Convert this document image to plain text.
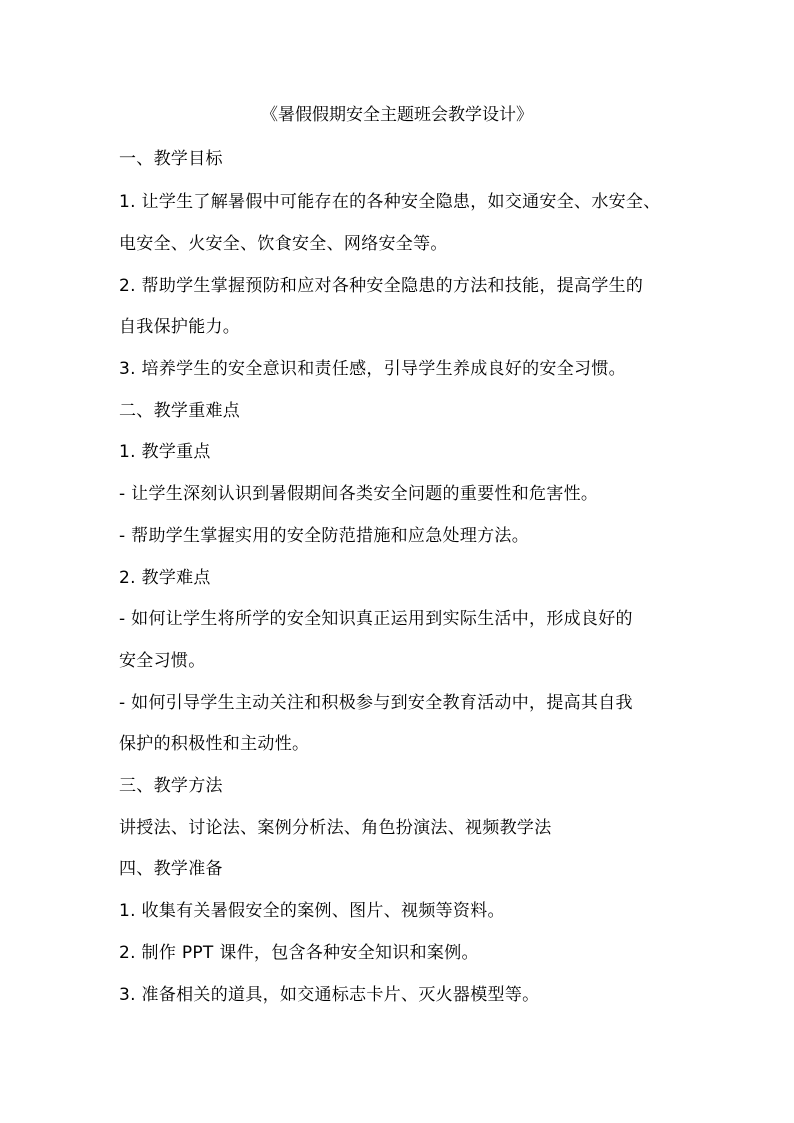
《暑假假期安全主题班会教学设计》
一、教学目标
1. 让学生了解暑假中可能存在的各种安全隐患，如交通安全、水安全、
电安全、火安全、饮食安全、网络安全等。
2. 帮助学生掌握预防和应对各种安全隐患的方法和技能，提高学生的
自我保护能力。
3. 培养学生的安全意识和责任感，引导学生养成良好的安全习惯。
二、教学重难点
1. 教学重点
- 让学生深刻认识到暑假期间各类安全问题的重要性和危害性。
- 帮助学生掌握实用的安全防范措施和应急处理方法。
2. 教学难点
- 如何让学生将所学的安全知识真正运用到实际生活中，形成良好的
安全习惯。
- 如何引导学生主动关注和积极参与到安全教育活动中，提高其自我
保护的积极性和主动性。
三、教学方法
讲授法、讨论法、案例分析法、角色扮演法、视频教学法
四、教学准备
1. 收集有关暑假安全的案例、图片、视频等资料。
2. 制作 PPT 课件，包含各种安全知识和案例。
3. 准备相关的道具，如交通标志卡片、灭火器模型等。
